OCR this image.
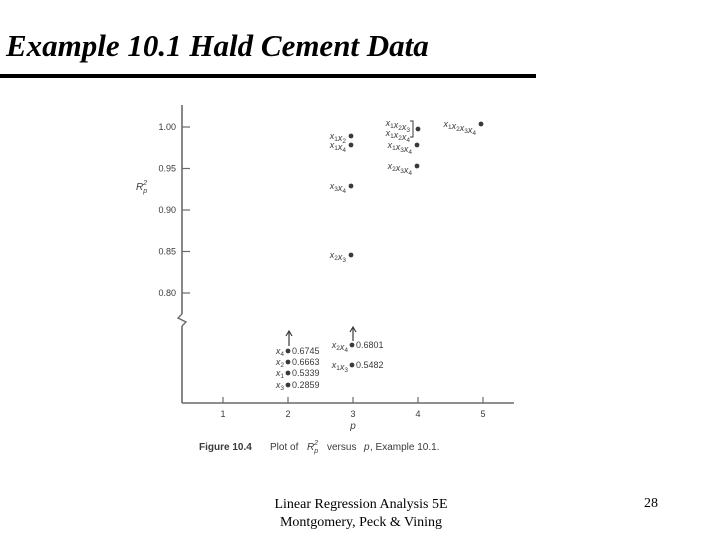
Example 10.1 Hald Cement Data
1.00
0.95
0.90
0.85
0.80
1	2	3	4	5
p
$R_p2$
$x_1x_2$
$x_1x_4$
$x_3x_4$
$x_2x_3$
$x_1x_2x_3$
$x_1x_2x_4$
$x_1x_3x_4$
$x_2x_3x_4$
$x_1x_2x_3x_4$
$x_4$ 0.6745
$x_2$ 0.6663
$x_1$ 0.5339
$x_3$ 0.2859
$x_2x_4$
0.6801
$x_1x_3$
0.5482
Figure 10.4 Plot of $R_p2$ versus p , Example 10.1.
Linear Regression Analysis 5E
Montgomery, Peck & Vining
28
